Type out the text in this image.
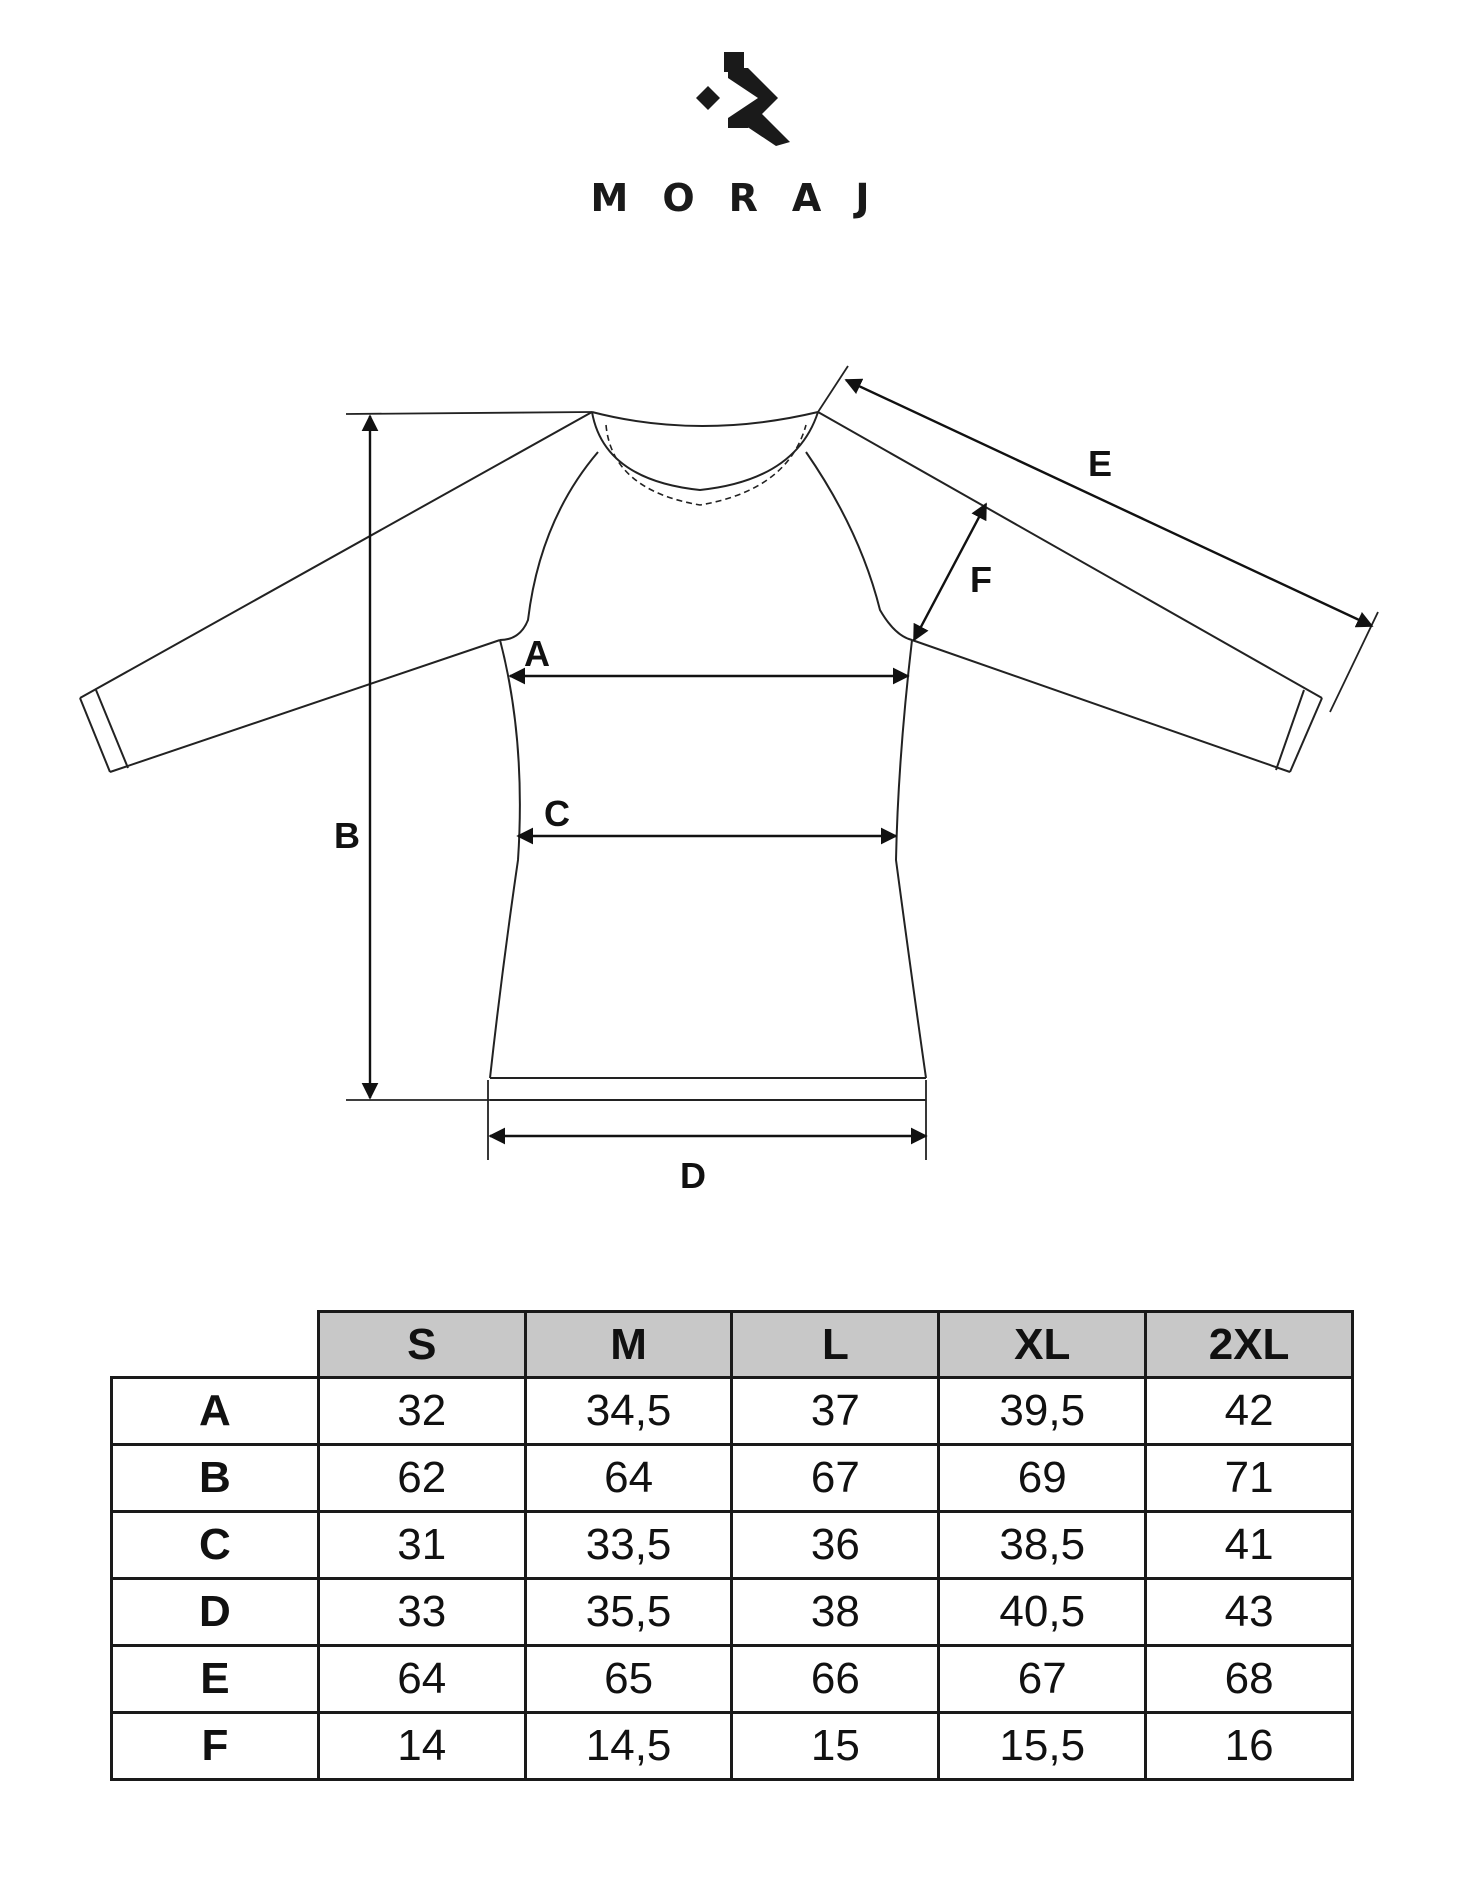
MORAJ
A
B
C
D
E
F
	S	M	L	XL	2XL
A	32	34,5	37	39,5	42
B	62	64	67	69	71
C	31	33,5	36	38,5	41
D	33	35,5	38	40,5	43
E	64	65	66	67	68
F	14	14,5	15	15,5	16
